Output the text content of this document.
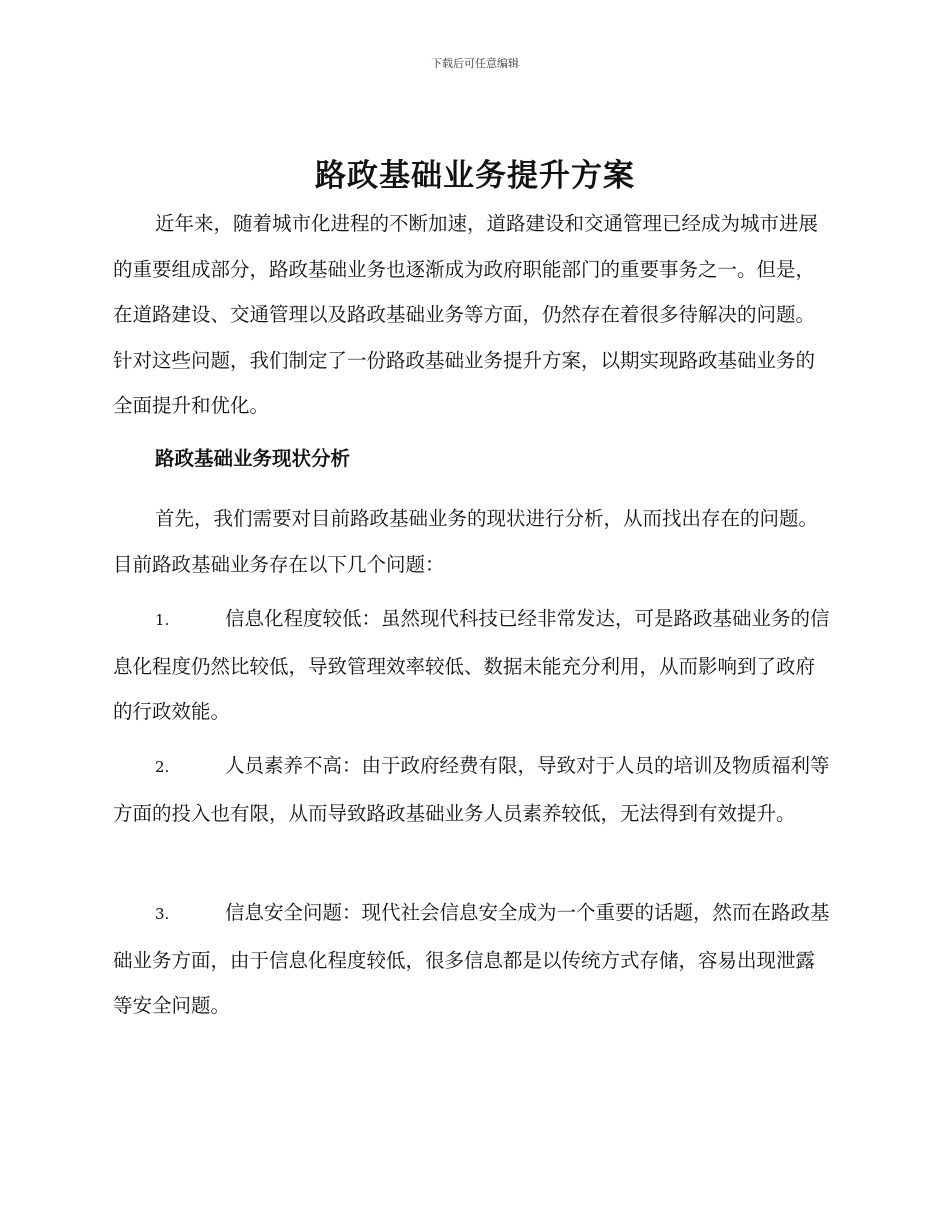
下载后可任意编辑
路政基础业务提升方案

近年来，随着城市化进程的不断加速，道路建设和交通管理已经成为城市进展的重要组成部分，路政基础业务也逐渐成为政府职能部门的重要事务之一。但是，在道路建设、交通管理以及路政基础业务等方面，仍然存在着很多待解决的问题。针对这些问题，我们制定了一份路政基础业务提升方案，以期实现路政基础业务的全面提升和优化。

路政基础业务现状分析

首先，我们需要对目前路政基础业务的现状进行分析，从而找出存在的问题。目前路政基础业务存在以下几个问题：

1.	信息化程度较低：虽然现代科技已经非常发达，可是路政基础业务的信息化程度仍然比较低，导致管理效率较低、数据未能充分利用，从而影响到了政府的行政效能。

2.	人员素养不高：由于政府经费有限，导致对于人员的培训及物质福利等方面的投入也有限，从而导致路政基础业务人员素养较低，无法得到有效提升。

3.	信息安全问题：现代社会信息安全成为一个重要的话题，然而在路政基础业务方面，由于信息化程度较低，很多信息都是以传统方式存储，容易出现泄露等安全问题。
